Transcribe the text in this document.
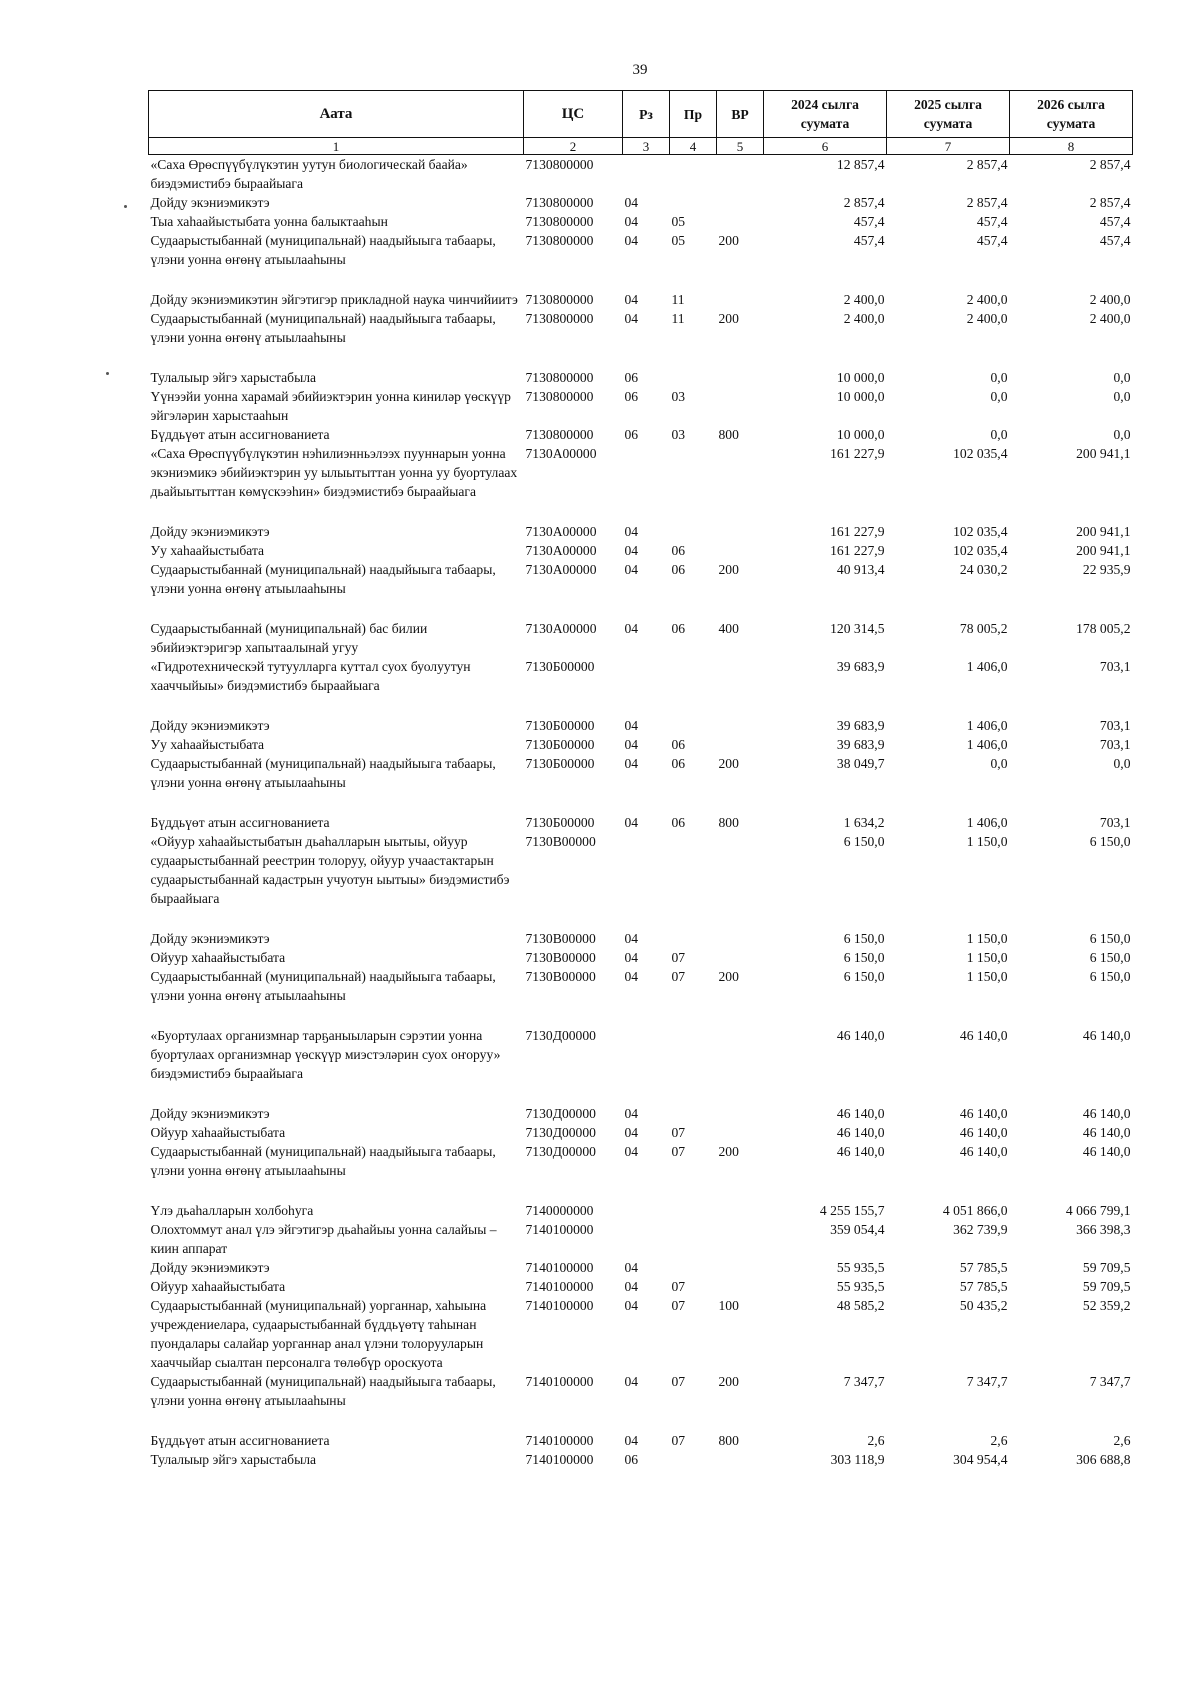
39
Аата	ЦС	Рз	Пр	ВР	2024 сылга суумата	2025 сылга суумата	2026 сылга суумата
1	2	3	4	5	6	7	8
«Саха Өрөспүүбүлүкэтин уутун биологическай баайа» биэдэмистибэ быраайыага	7130800000				12 857,4	2 857,4	2 857,4
Дойду экэниэмикэтэ	7130800000	04			2 857,4	2 857,4	2 857,4
Тыа хаһаайыстыбата уонна балыктааһын	7130800000	04	05		457,4	457,4	457,4
Судаарыстыбаннай (муниципальнай) наадыйыыга табаары, үлэни уонна өҥөнү атыылааһыны	7130800000	04	05	200	457,4	457,4	457,4
Дойду экэниэмикэтин эйгэтигэр прикладной наука чинчийиитэ	7130800000	04	11		2 400,0	2 400,0	2 400,0
Судаарыстыбаннай (муниципальнай) наадыйыыга табаары, үлэни уонна өҥөнү атыылааһыны	7130800000	04	11	200	2 400,0	2 400,0	2 400,0
Тулалыыр эйгэ харыстабыла	7130800000	06			10 000,0	0,0	0,0
Үүнээйи уонна харамай эбийиэктэрин уонна киниләр үөскүүр эйгэләрин харыстааһын	7130800000	06	03		10 000,0	0,0	0,0
Бүддьүөт атын ассигнованиета	7130800000	06	03	800	10 000,0	0,0	0,0
«Саха Өрөспүүбүлүкэтин нэһилиэнньэлээх пууннарын уонна экэниэмикэ эбийиэктэрин уу ылыытыттан уонна уу буортулаах дьайыытыттан көмүскээһин» биэдэмистибэ быраайыага	7130А00000				161 227,9	102 035,4	200 941,1
Дойду экэниэмикэтэ	7130А00000	04			161 227,9	102 035,4	200 941,1
Уу хаһаайыстыбата	7130А00000	04	06		161 227,9	102 035,4	200 941,1
Судаарыстыбаннай (муниципальнай) наадыйыыга табаары, үлэни уонна өҥөнү атыылааһыны	7130А00000	04	06	200	40 913,4	24 030,2	22 935,9
Судаарыстыбаннай (муниципальнай) бас билии эбийиэктэригэр хапытаалынай угуу	7130А00000	04	06	400	120 314,5	78 005,2	178 005,2
«Гидротехническэй тутуулларга куттал суох буолуутун хааччыйыы» биэдэмистибэ быраайыага	7130Б00000				39 683,9	1 406,0	703,1
Дойду экэниэмикэтэ	7130Б00000	04			39 683,9	1 406,0	703,1
Уу хаһаайыстыбата	7130Б00000	04	06		39 683,9	1 406,0	703,1
Судаарыстыбаннай (муниципальнай) наадыйыыга табаары, үлэни уонна өҥөнү атыылааһыны	7130Б00000	04	06	200	38 049,7	0,0	0,0
Бүддьүөт атын ассигнованиета	7130Б00000	04	06	800	1 634,2	1 406,0	703,1
«Ойуур хаһаайыстыбатын дьаһалларын ыытыы, ойуур судаарыстыбаннай реестрин толоруу, ойуур учаастактарын судаарыстыбаннай кадастрын учуотун ыытыы» биэдэмистибэ быраайыага	7130В00000				6 150,0	1 150,0	6 150,0
Дойду экэниэмикэтэ	7130В00000	04			6 150,0	1 150,0	6 150,0
Ойуур хаһаайыстыбата	7130В00000	04	07		6 150,0	1 150,0	6 150,0
Судаарыстыбаннай (муниципальнай) наадыйыыга табаары, үлэни уонна өҥөнү атыылааһыны	7130В00000	04	07	200	6 150,0	1 150,0	6 150,0
«Буортулаах организмнар тарҕаныыларын сэрэтии уонна буортулаах организмнар үөскүүр миэстэләрин суох оҥоруу» биэдэмистибэ быраайыага	7130Д00000				46 140,0	46 140,0	46 140,0
Дойду экэниэмикэтэ	7130Д00000	04			46 140,0	46 140,0	46 140,0
Ойуур хаһаайыстыбата	7130Д00000	04	07		46 140,0	46 140,0	46 140,0
Судаарыстыбаннай (муниципальнай) наадыйыыга табаары, үлэни уонна өҥөнү атыылааһыны	7130Д00000	04	07	200	46 140,0	46 140,0	46 140,0
Үлэ дьаһалларын холбоһуга	7140000000				4 255 155,7	4 051 866,0	4 066 799,1
Олохтоммут анал үлэ эйгэтигэр дьаһайыы уонна салайыы – киин аппарат	7140100000				359 054,4	362 739,9	366 398,3
Дойду экэниэмикэтэ	7140100000	04			55 935,5	57 785,5	59 709,5
Ойуур хаһаайыстыбата	7140100000	04	07		55 935,5	57 785,5	59 709,5
Судаарыстыбаннай (муниципальнай) уорганнар, хаһыына учреждениелара, судаарыстыбаннай бүддьүөтү таһынан пуондалары салайар уорганнар анал үлэни толорууларын хааччыйар сыалтан персоналга төлөбүр ороскуота	7140100000	04	07	100	48 585,2	50 435,2	52 359,2
Судаарыстыбаннай (муниципальнай) наадыйыыга табаары, үлэни уонна өҥөнү атыылааһыны	7140100000	04	07	200	7 347,7	7 347,7	7 347,7
Бүддьүөт атын ассигнованиета	7140100000	04	07	800	2,6	2,6	2,6
Тулалыыр эйгэ харыстабыла	7140100000	06			303 118,9	304 954,4	306 688,8
